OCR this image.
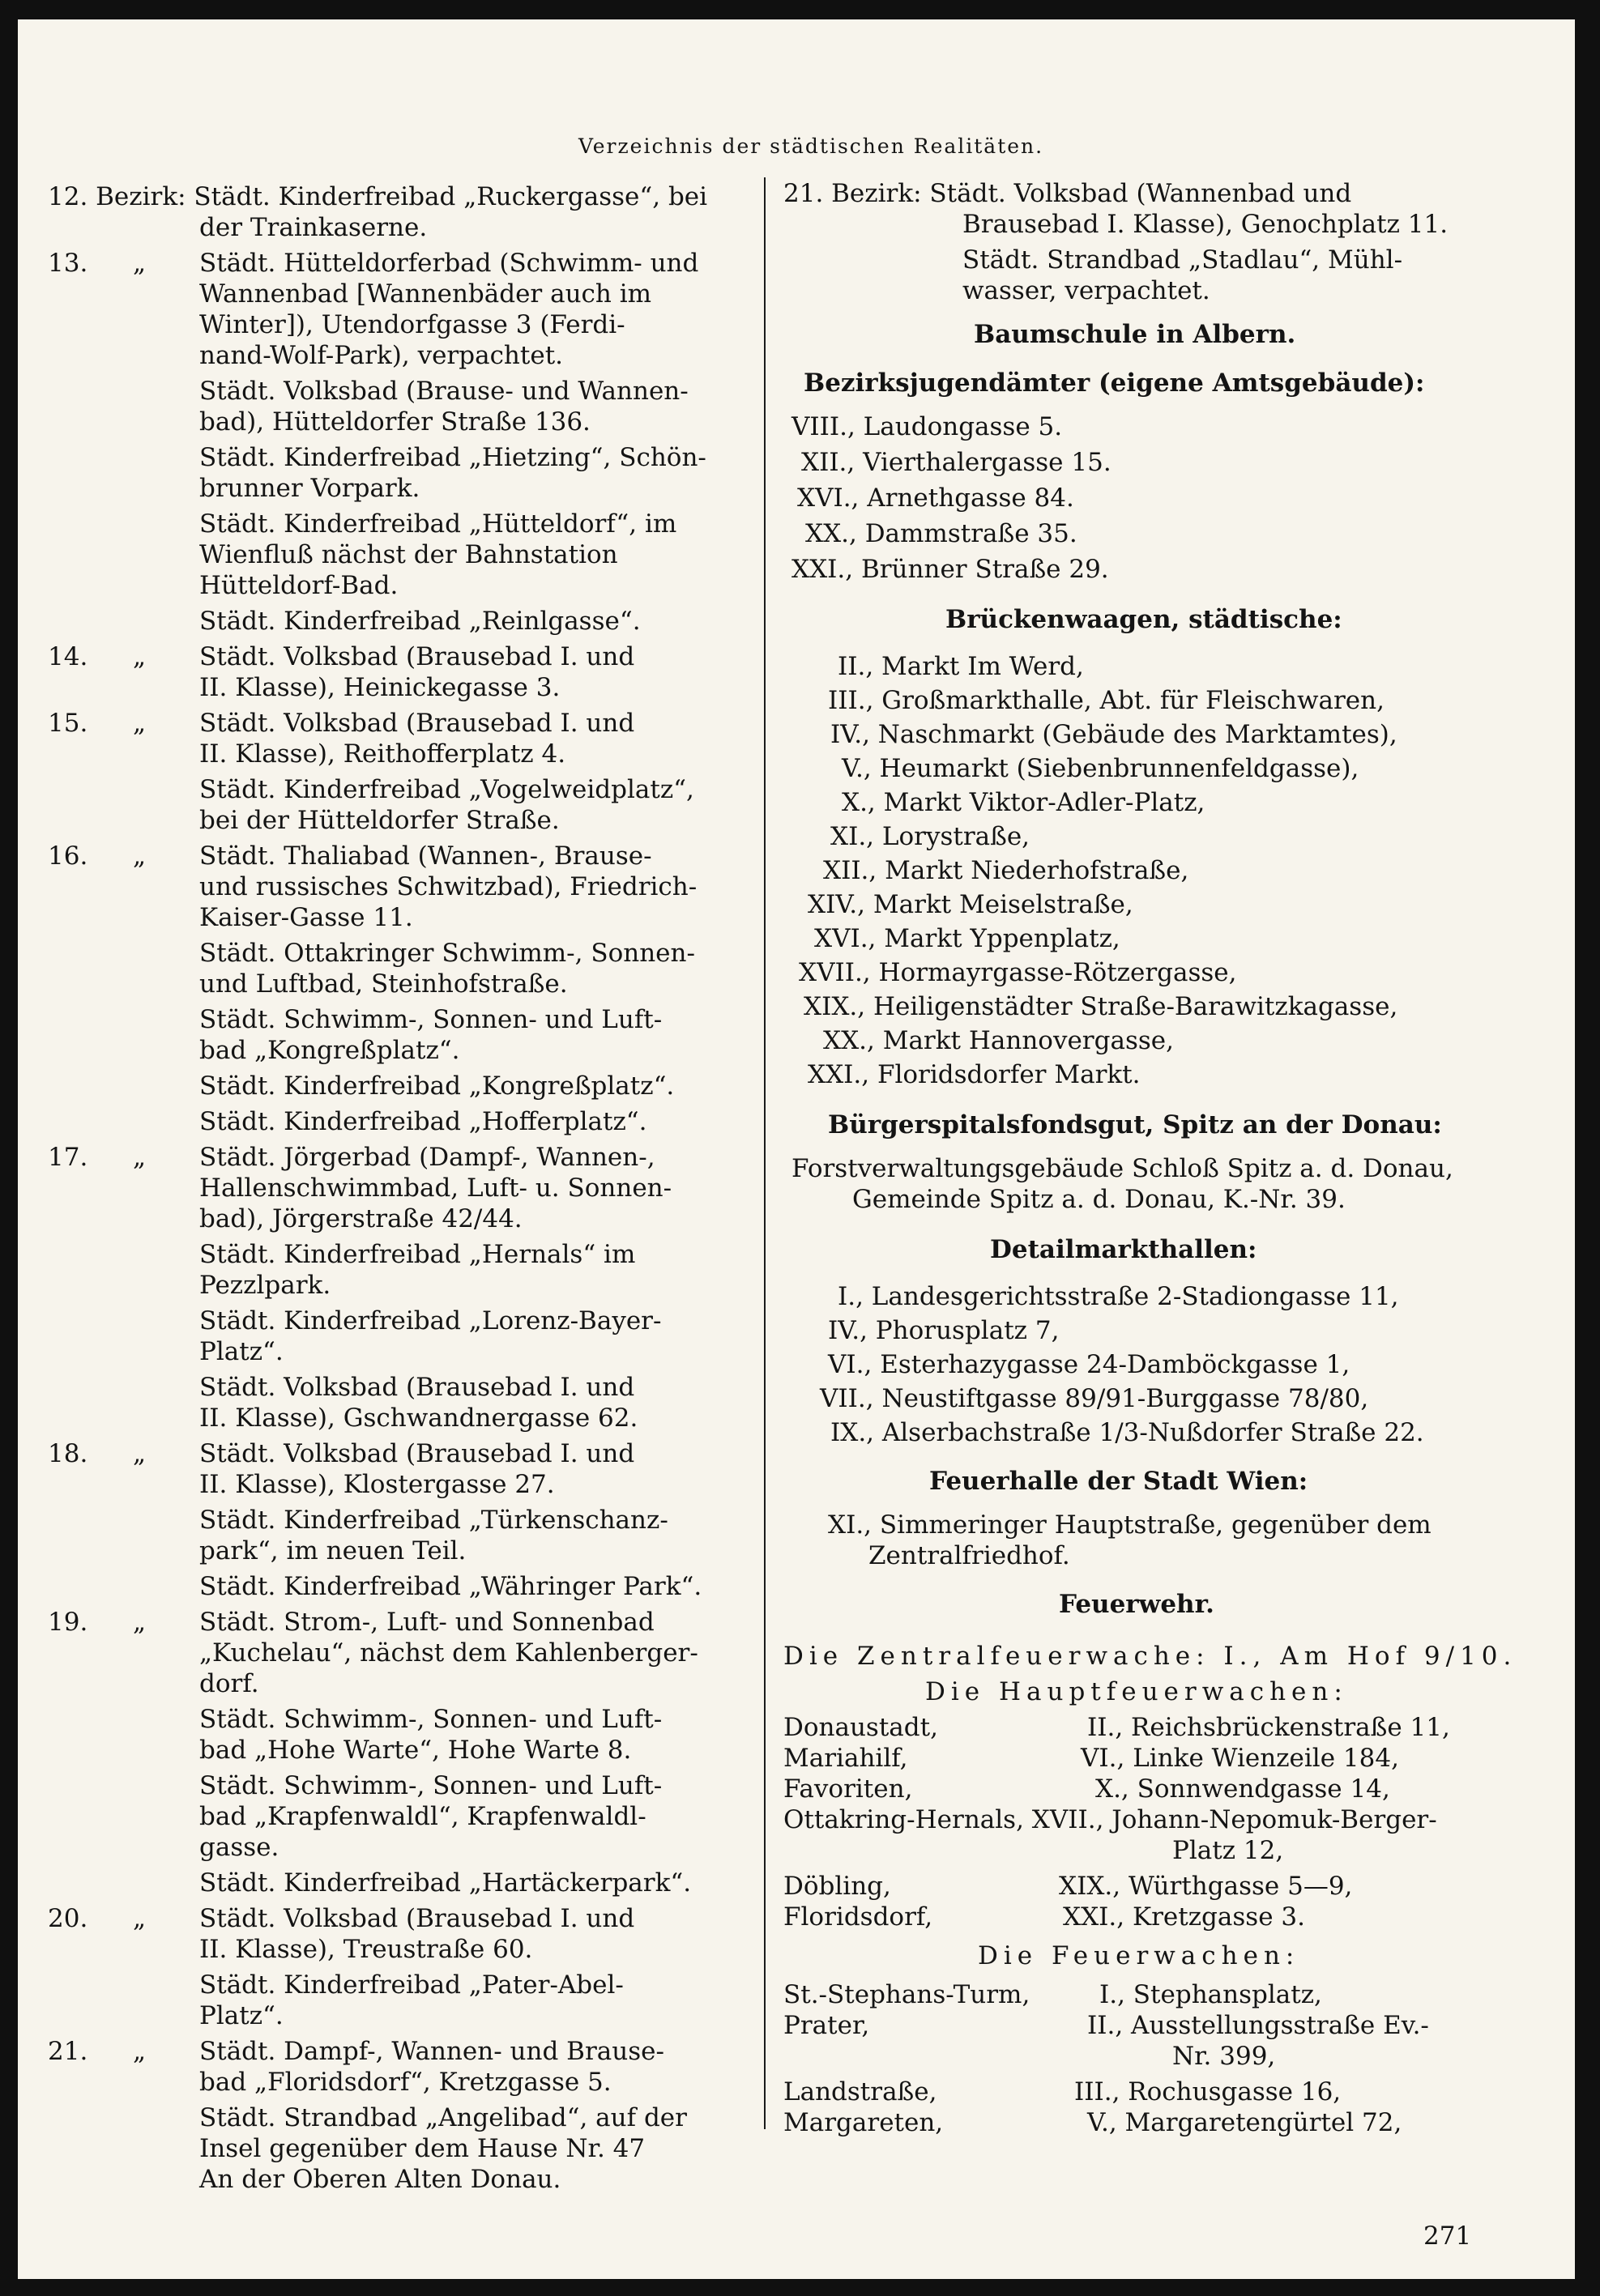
Verzeichnis der städtischen Realitäten.
12. Bezirk: Städt. Kinderfreibad „Ruckergasse“, bei
der Trainkaserne.
13. „ Städt. Hütteldorferbad (Schwimm- und
Wannenbad [Wannenbäder auch im
Winter]), Utendorfgasse 3 (Ferdi-
nand-Wolf-Park), verpachtet.
Städt. Volksbad (Brause- und Wannen-
bad), Hütteldorfer Straße 136.
Städt. Kinderfreibad „Hietzing“, Schön-
brunner Vorpark.
Städt. Kinderfreibad „Hütteldorf“, im
Wienfluß nächst der Bahnstation
Hütteldorf-Bad.
Städt. Kinderfreibad „Reinlgasse“.
14. „ Städt. Volksbad (Brausebad I. und
II. Klasse), Heinickegasse 3.
15. „ Städt. Volksbad (Brausebad I. und
II. Klasse), Reithofferplatz 4.
Städt. Kinderfreibad „Vogelweidplatz“,
bei der Hütteldorfer Straße.
16. „ Städt. Thaliabad (Wannen-, Brause-
und russisches Schwitzbad), Friedrich-
Kaiser-Gasse 11.
Städt. Ottakringer Schwimm-, Sonnen-
und Luftbad, Steinhofstraße.
Städt. Schwimm-, Sonnen- und Luft-
bad „Kongreßplatz“.
Städt. Kinderfreibad „Kongreßplatz“.
Städt. Kinderfreibad „Hofferplatz“.
17. „ Städt. Jörgerbad (Dampf-, Wannen-,
Hallenschwimmbad, Luft- u. Sonnen-
bad), Jörgerstraße 42/44.
Städt. Kinderfreibad „Hernals“ im
Pezzlpark.
Städt. Kinderfreibad „Lorenz-Bayer-
Platz“.
Städt. Volksbad (Brausebad I. und
II. Klasse), Gschwandnergasse 62.
18. „ Städt. Volksbad (Brausebad I. und
II. Klasse), Klostergasse 27.
Städt. Kinderfreibad „Türkenschanz-
park“, im neuen Teil.
Städt. Kinderfreibad „Währinger Park“.
19. „ Städt. Strom-, Luft- und Sonnenbad
„Kuchelau“, nächst dem Kahlenberger-
dorf.
Städt. Schwimm-, Sonnen- und Luft-
bad „Hohe Warte“, Hohe Warte 8.
Städt. Schwimm-, Sonnen- und Luft-
bad „Krapfenwaldl“, Krapfenwaldl-
gasse.
Städt. Kinderfreibad „Hartäckerpark“.
20. „ Städt. Volksbad (Brausebad I. und
II. Klasse), Treustraße 60.
Städt. Kinderfreibad „Pater-Abel-
Platz“.
21. „ Städt. Dampf-, Wannen- und Brause-
bad „Floridsdorf“, Kretzgasse 5.
Städt. Strandbad „Angelibad“, auf der
Insel gegenüber dem Hause Nr. 47
An der Oberen Alten Donau.
21. Bezirk: Städt. Volksbad (Wannenbad und
Brausebad I. Klasse), Genochplatz 11.
Städt. Strandbad „Stadlau“, Mühl-
wasser, verpachtet.
Baumschule in Albern.
Bezirksjugendämter (eigene Amtsgebäude):
VIII., Laudongasse 5.
XII., Vierthalergasse 15.
XVI., Arnethgasse 84.
XX., Dammstraße 35.
XXI., Brünner Straße 29.
Brückenwaagen, städtische:
II., Markt Im Werd,
III., Großmarkthalle, Abt. für Fleischwaren,
IV., Naschmarkt (Gebäude des Marktamtes),
V., Heumarkt (Siebenbrunnenfeldgasse),
X., Markt Viktor-Adler-Platz,
XI., Lorystraße,
XII., Markt Niederhofstraße,
XIV., Markt Meiselstraße,
XVI., Markt Yppenplatz,
XVII., Hormayrgasse-Rötzergasse,
XIX., Heiligenstädter Straße-Barawitzkagasse,
XX., Markt Hannovergasse,
XXI., Floridsdorfer Markt.
Bürgerspitalsfondsgut, Spitz an der Donau:
Forstverwaltungsgebäude Schloß Spitz a. d. Donau,
Gemeinde Spitz a. d. Donau, K.-Nr. 39.
Detailmarkthallen:
I., Landesgerichtsstraße 2-Stadiongasse 11,
IV., Phorusplatz 7,
VI., Esterhazygasse 24-Damböckgasse 1,
VII., Neustiftgasse 89/91-Burggasse 78/80,
IX., Alserbachstraße 1/3-Nußdorfer Straße 22.
Feuerhalle der Stadt Wien:
XI., Simmeringer Hauptstraße, gegenüber dem
Zentralfriedhof.
Feuerwehr.
Die Zentralfeuerwache: I., Am Hof 9/10.
Die Hauptfeuerwachen:
Donaustadt,	II., Reichsbrückenstraße 11,
Mariahilf,	VI., Linke Wienzeile 184,
Favoriten,	X., Sonnwendgasse 14,
Ottakring-Hernals, XVII., Johann-Nepomuk-Berger-
Platz 12,
Döbling,	XIX., Würthgasse 5—9,
Floridsdorf,	XXI., Kretzgasse 3.
Die Feuerwachen:
St.-Stephans-Turm,	I., Stephansplatz,
Prater,	II., Ausstellungsstraße Ev.-
Nr. 399,
Landstraße,	III., Rochusgasse 16,
Margareten,	V., Margaretengürtel 72,
271
